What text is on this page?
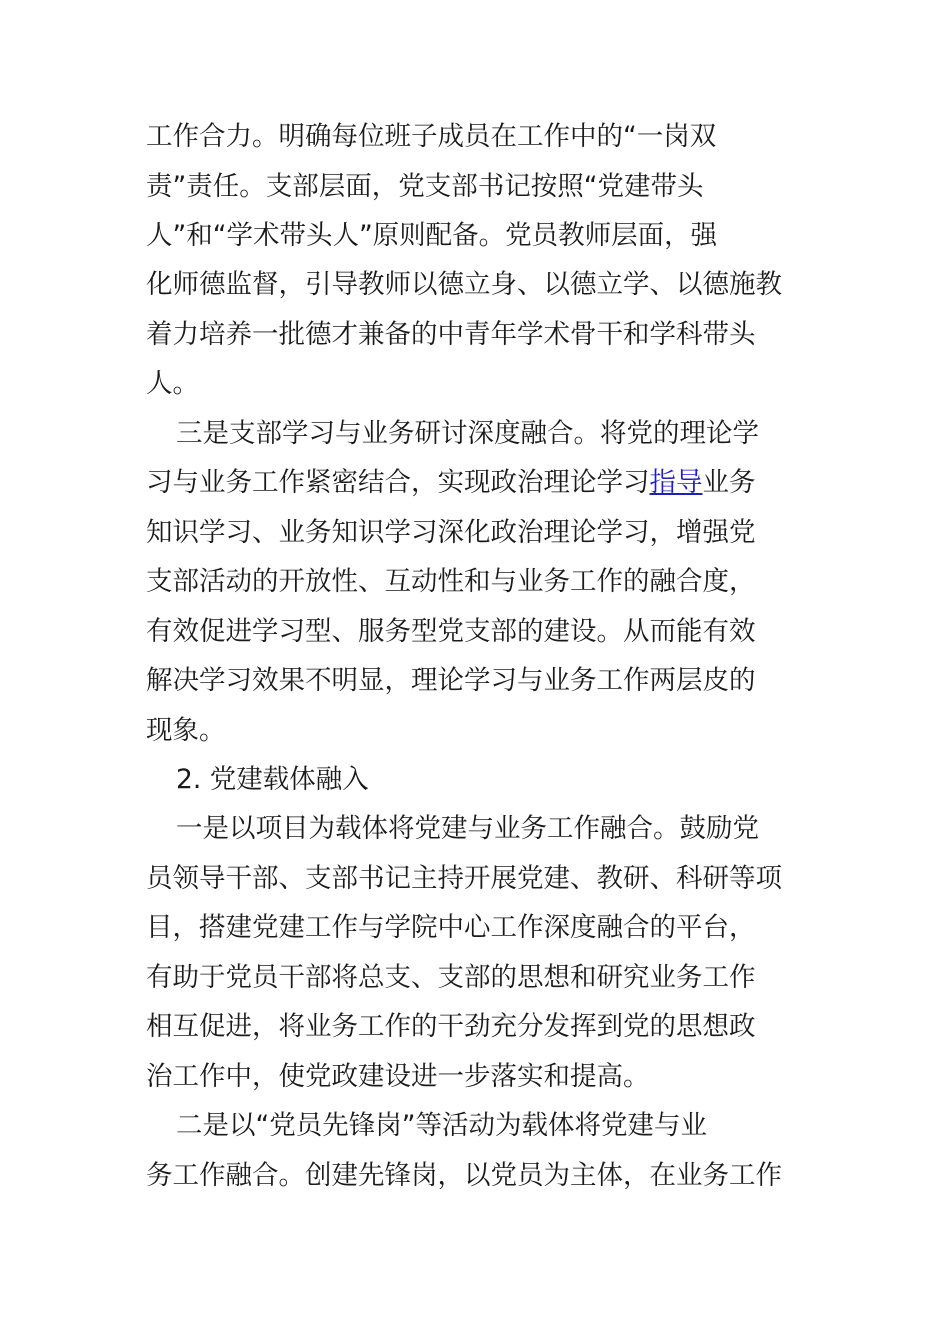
工作合力。明确每位班子成员在工作中的“一岗双
责”责任。支部层面，党支部书记按照“党建带头
人”和“学术带头人”原则配备。党员教师层面，强
化师德监督，引导教师以德立身、以德立学、以德施教
着力培养一批德才兼备的中青年学术骨干和学科带头
人。
三是支部学习与业务研讨深度融合。将党的理论学
习与业务工作紧密结合，实现政治理论学习指导业务
知识学习、业务知识学习深化政治理论学习，增强党
支部活动的开放性、互动性和与业务工作的融合度，
有效促进学习型、服务型党支部的建设。从而能有效
解决学习效果不明显，理论学习与业务工作两层皮的
现象。
2. 党建载体融入
一是以项目为载体将党建与业务工作融合。鼓励党
员领导干部、支部书记主持开展党建、教研、科研等项
目，搭建党建工作与学院中心工作深度融合的平台，
有助于党员干部将总支、支部的思想和研究业务工作
相互促进，将业务工作的干劲充分发挥到党的思想政
治工作中，使党政建设进一步落实和提高。
二是以“党员先锋岗”等活动为载体将党建与业
务工作融合。创建先锋岗，以党员为主体，在业务工作
